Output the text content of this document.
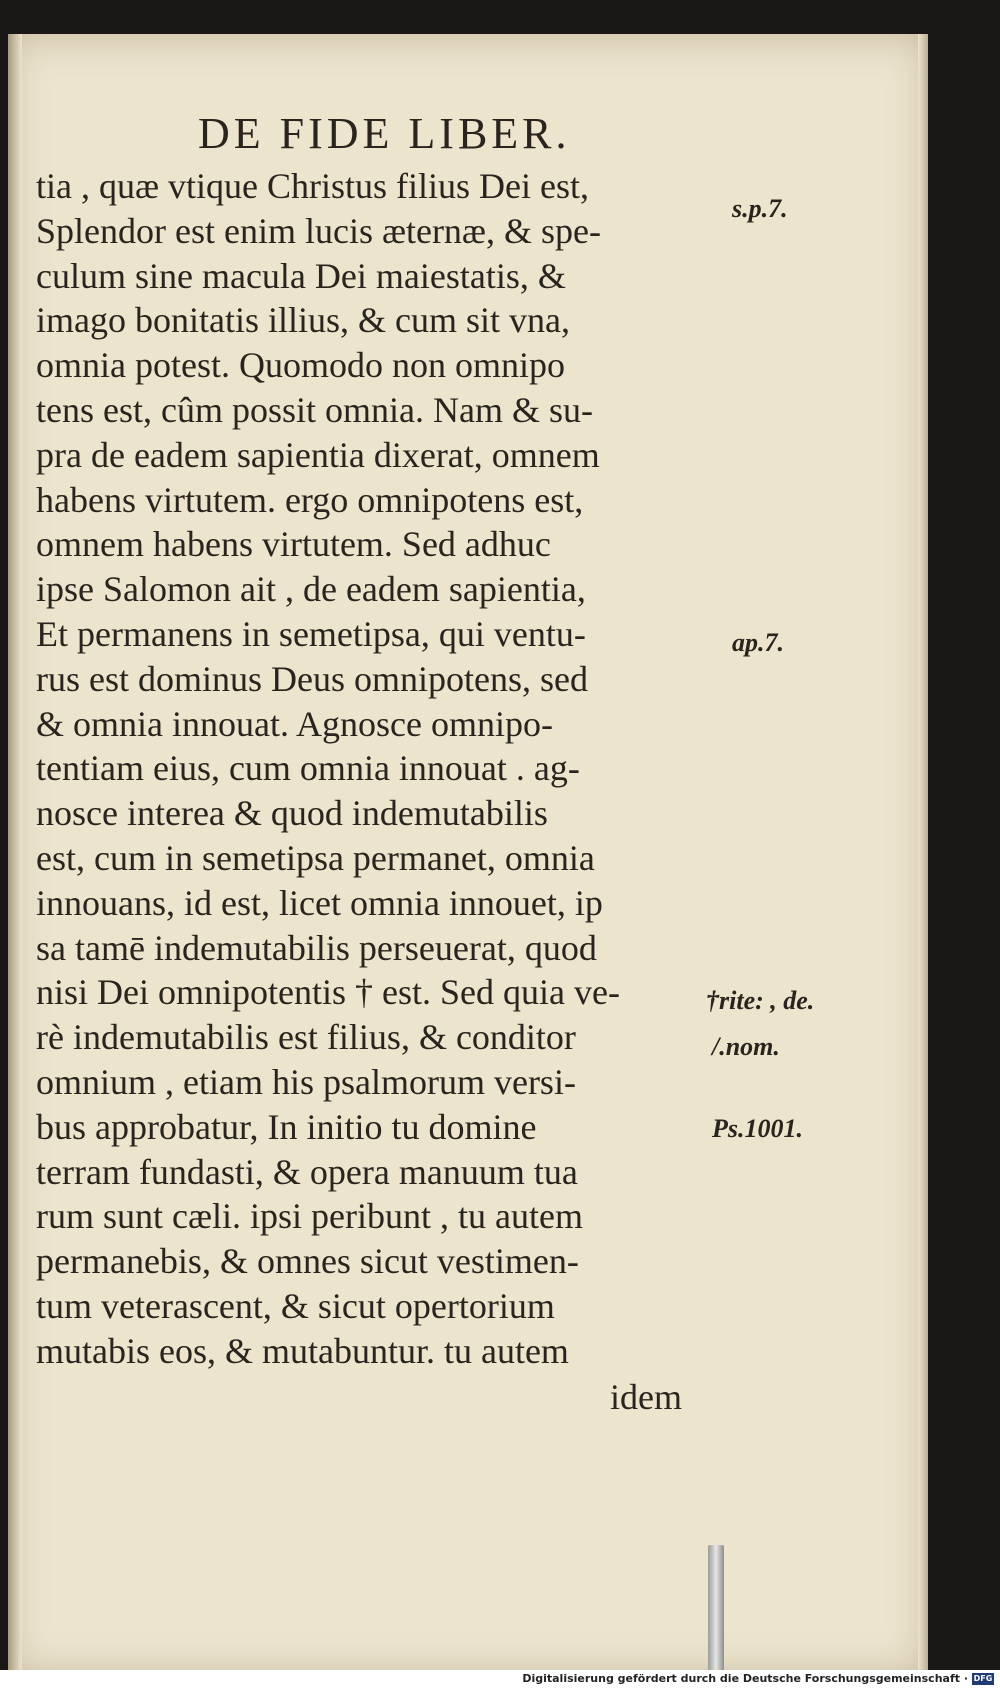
DE FIDE LIBER.
tia , quæ vtique Christus filius Dei est,
Splendor est enim lucis æternæ, & spe-
culum sine macula Dei maiestatis, &
imago bonitatis illius, & cum sit vna,
omnia potest. Quomodo non omnipo
tens est, cûm possit omnia. Nam & su-
pra de eadem sapientia dixerat, omnem
habens virtutem. ergo omnipotens est,
omnem habens virtutem. Sed adhuc
ipse Salomon ait , de eadem sapientia,
Et permanens in semetipsa, qui ventu-
rus est dominus Deus omnipotens, sed
& omnia innouat. Agnosce omnipo-
tentiam eius, cum omnia innouat . ag-
nosce interea & quod indemutabilis
est, cum in semetipsa permanet, omnia
innouans, id est, licet omnia innouet, ip
sa tamē indemutabilis perseuerat, quod
nisi Dei omnipotentis † est. Sed quia ve-
rè indemutabilis est filius, & conditor
omnium , etiam his psalmorum versi-
bus approbatur, In initio tu domine
terram fundasti, & opera manuum tua
rum sunt cæli. ipsi peribunt , tu autem
permanebis, & omnes sicut vestimen-
tum veterascent, & sicut opertorium
mutabis eos, & mutabuntur. tu autem
idem
s.p.7.
ap.7.
†rite: , de.
/.nom.
Ps.1001.
Digitalisierung gefördert durch die Deutsche Forschungsgemeinschaft · DFG
